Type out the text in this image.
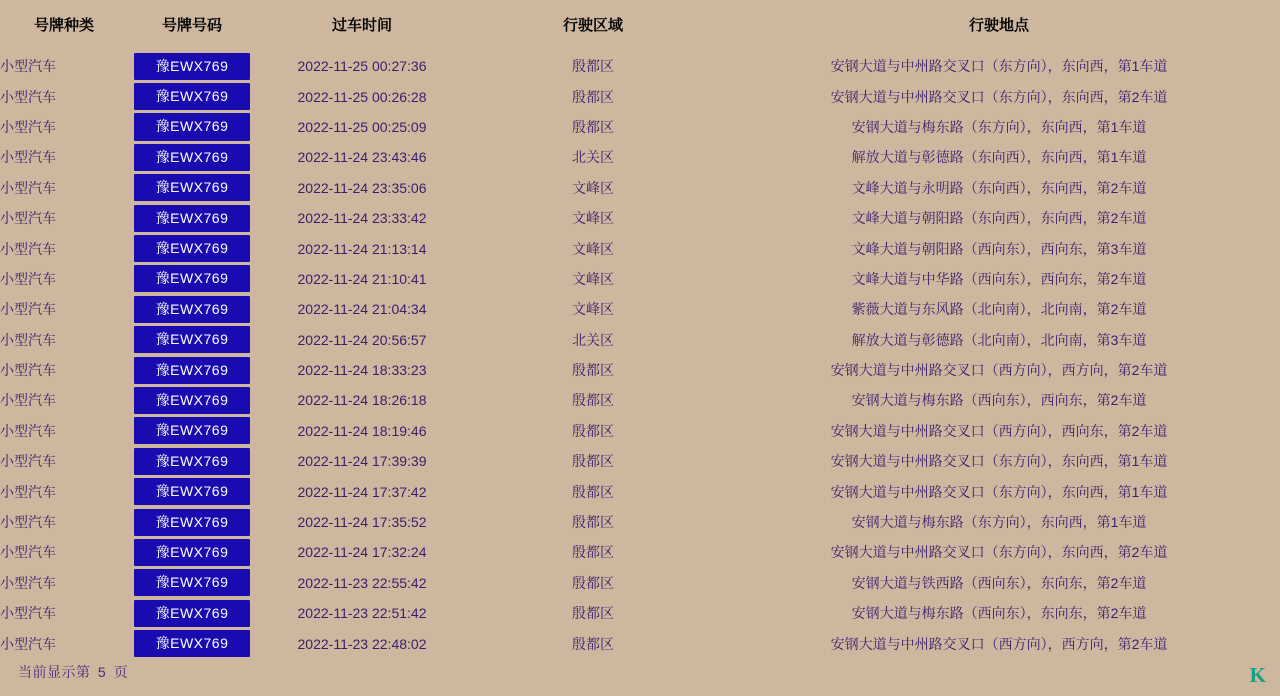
号牌种类	号牌号码	过车时间	行驶区域	行驶地点
小型汽车	豫EWX769	2022-11-25 00:27:36	殷都区	安钢大道与中州路交叉口（东方向），东向西，第1车道
小型汽车	豫EWX769	2022-11-25 00:26:28	殷都区	安钢大道与中州路交叉口（东方向），东向西，第2车道
小型汽车	豫EWX769	2022-11-25 00:25:09	殷都区	安钢大道与梅东路（东方向），东向西，第1车道
小型汽车	豫EWX769	2022-11-24 23:43:46	北关区	解放大道与彰德路（东向西），东向西，第1车道
小型汽车	豫EWX769	2022-11-24 23:35:06	文峰区	文峰大道与永明路（东向西），东向西，第2车道
小型汽车	豫EWX769	2022-11-24 23:33:42	文峰区	文峰大道与朝阳路（东向西），东向西，第2车道
小型汽车	豫EWX769	2022-11-24 21:13:14	文峰区	文峰大道与朝阳路（西向东），西向东，第3车道
小型汽车	豫EWX769	2022-11-24 21:10:41	文峰区	文峰大道与中华路（西向东），西向东，第2车道
小型汽车	豫EWX769	2022-11-24 21:04:34	文峰区	紫薇大道与东风路（北向南），北向南，第2车道
小型汽车	豫EWX769	2022-11-24 20:56:57	北关区	解放大道与彰德路（北向南），北向南，第3车道
小型汽车	豫EWX769	2022-11-24 18:33:23	殷都区	安钢大道与中州路交叉口（西方向），西方向，第2车道
小型汽车	豫EWX769	2022-11-24 18:26:18	殷都区	安钢大道与梅东路（西向东），西向东，第2车道
小型汽车	豫EWX769	2022-11-24 18:19:46	殷都区	安钢大道与中州路交叉口（西方向），西向东，第2车道
小型汽车	豫EWX769	2022-11-24 17:39:39	殷都区	安钢大道与中州路交叉口（东方向），东向西，第1车道
小型汽车	豫EWX769	2022-11-24 17:37:42	殷都区	安钢大道与中州路交叉口（东方向），东向西，第1车道
小型汽车	豫EWX769	2022-11-24 17:35:52	殷都区	安钢大道与梅东路（东方向），东向西，第1车道
小型汽车	豫EWX769	2022-11-24 17:32:24	殷都区	安钢大道与中州路交叉口（东方向），东向西，第2车道
小型汽车	豫EWX769	2022-11-23 22:55:42	殷都区	安钢大道与铁西路（西向东），东向东，第2车道
小型汽车	豫EWX769	2022-11-23 22:51:42	殷都区	安钢大道与梅东路（西向东），东向东，第2车道
小型汽车	豫EWX769	2022-11-23 22:48:02	殷都区	安钢大道与中州路交叉口（西方向），西方向，第2车道
当前显示第 5 页	K
